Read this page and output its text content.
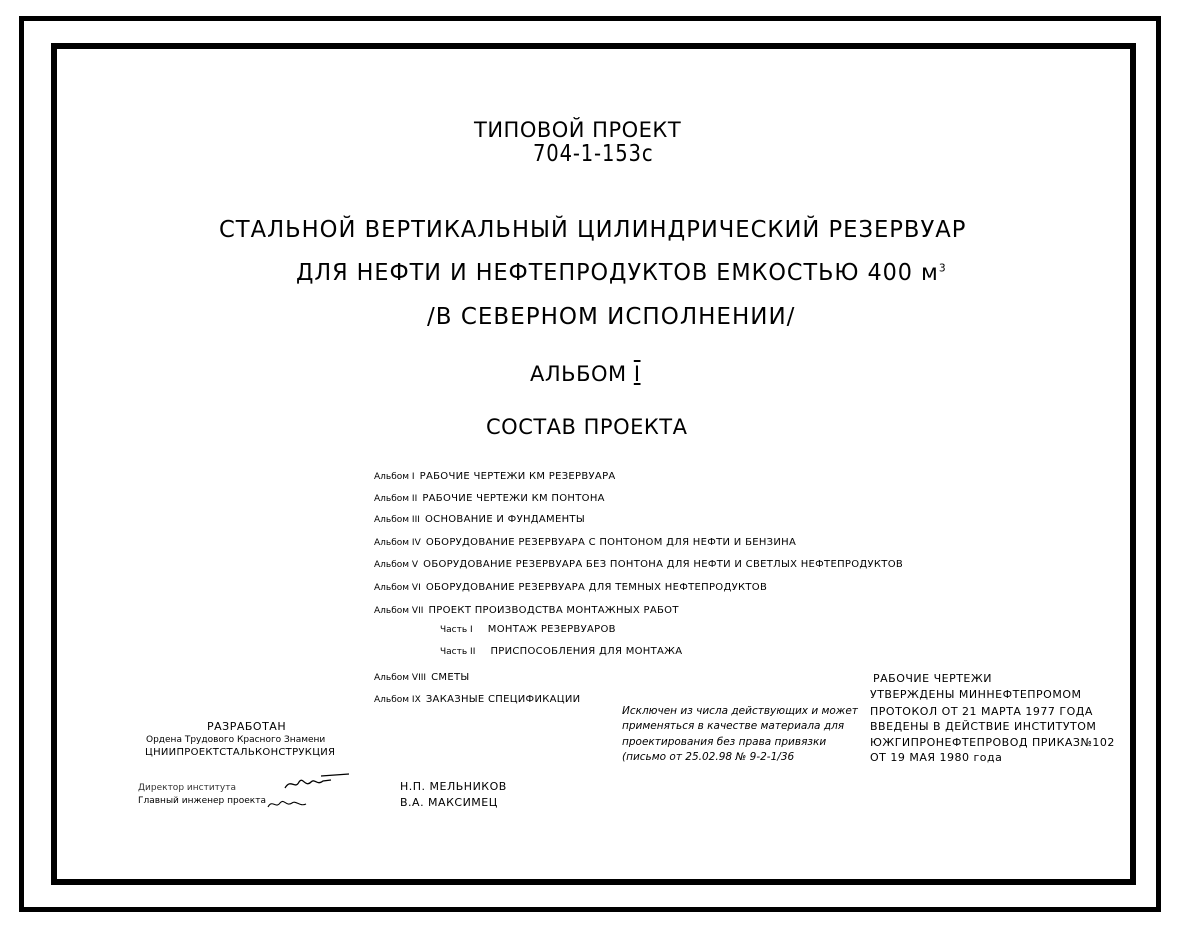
ТИПОВОЙ ПРОЕКТ
704-1-153с
СТАЛЬНОЙ ВЕРТИКАЛЬНЫЙ ЦИЛИНДРИЧЕСКИЙ РЕЗЕРВУАР
ДЛЯ НЕФТИ И НЕФТЕПРОДУКТОВ ЕМКОСТЬЮ 400 $м^3$
/В СЕВЕРНОМ ИСПОЛНЕНИИ/
АЛЬБОМ I
СОСТАВ ПРОЕКТА
Альбом I РАБОЧИЕ ЧЕРТЕЖИ КМ РЕЗЕРВУАРА
Альбом II РАБОЧИЕ ЧЕРТЕЖИ КМ ПОНТОНА
Альбом III ОСНОВАНИЕ И ФУНДАМЕНТЫ
Альбом IV ОБОРУДОВАНИЕ РЕЗЕРВУАРА С ПОНТОНОМ ДЛЯ НЕФТИ И БЕНЗИНА
Альбом V ОБОРУДОВАНИЕ РЕЗЕРВУАРА БЕЗ ПОНТОНА ДЛЯ НЕФТИ И СВЕТЛЫХ НЕФТЕПРОДУКТОВ
Альбом VI ОБОРУДОВАНИЕ РЕЗЕРВУАРА ДЛЯ ТЕМНЫХ НЕФТЕПРОДУКТОВ
Альбом VII ПРОЕКТ ПРОИЗВОДСТВА МОНТАЖНЫХ РАБОТ
Часть I МОНТАЖ РЕЗЕРВУАРОВ
Часть II ПРИСПОСОБЛЕНИЯ ДЛЯ МОНТАЖА
Альбом VIII СМЕТЫ
Альбом IX ЗАКАЗНЫЕ СПЕЦИФИКАЦИИ
РАЗРАБОТАН
Ордена Трудового Красного Знамени
ЦНИИПРОЕКТСТАЛЬКОНСТРУКЦИЯ
Директор института
Главный инженер проекта
Н.П. МЕЛЬНИКОВ
В.А. МАКСИМЕЦ
Исключен из числа действующих и может
применяться в качестве материала для
проектирования без права привязки
(письмо от 25.02.98 № 9-2-1/36
РАБОЧИЕ ЧЕРТЕЖИ
УТВЕРЖДЕНЫ МИННЕФТЕПРОМОМ
ПРОТОКОЛ ОТ 21 МАРТА 1977 ГОДА
ВВЕДЕНЫ В ДЕЙСТВИЕ ИНСТИТУТОМ
ЮЖГИПРОНЕФТЕПРОВОД ПРИКАЗ№102
ОТ 19 МАЯ 1980 года
